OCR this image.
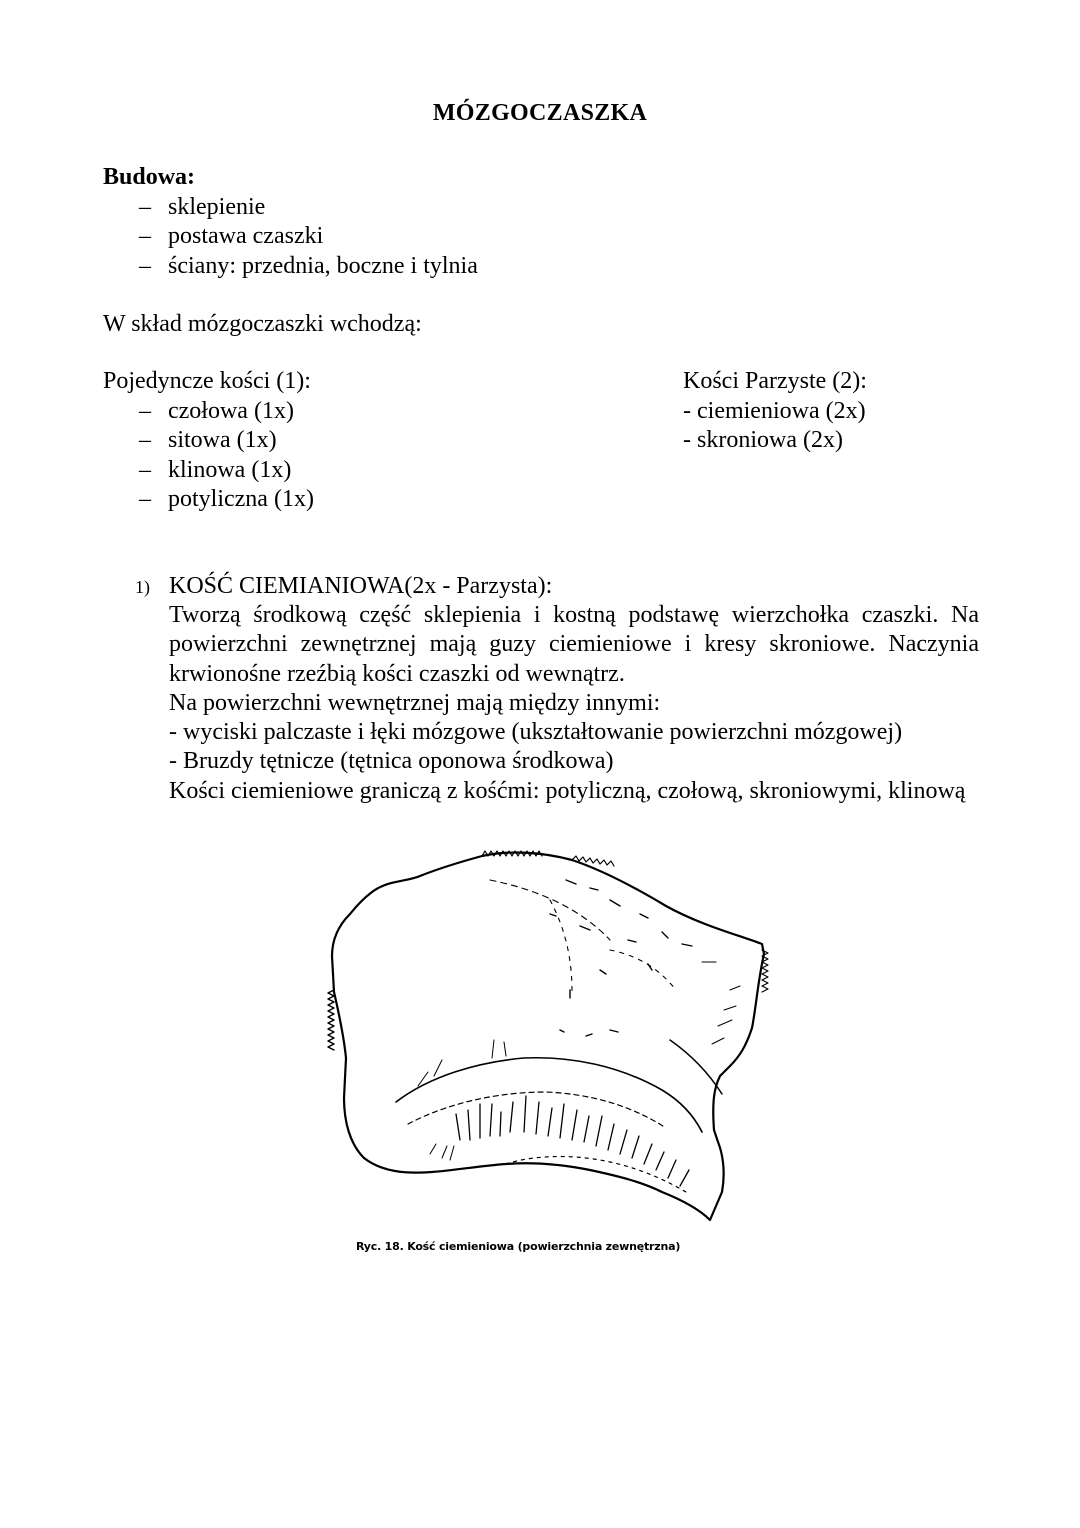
MÓZGOCZASZKA
Budowa:
– sklepienie
– postawa czaszki
– ściany: przednia, boczne i tylnia
W skład mózgoczaszki wchodzą:
Pojedyncze kości (1):
– czołowa (1x)
– sitowa (1x)
– klinowa (1x)
– potyliczna (1x)
Kości Parzyste (2):
- ciemieniowa (2x)
- skroniowa (2x)
1) KOŚĆ CIEMIANIOWA(2x - Parzysta):

Tworzą środkową część sklepienia i kostną podstawę wierzchołka czaszki. Na powierzchni zewnętrznej mają guzy ciemieniowe i kresy skroniowe. Naczynia krwionośne rzeźbią kości czaszki od wewnątrz.

Na powierzchni wewnętrznej mają między innymi:

- wyciski palczaste i łęki mózgowe (ukształtowanie powierzchni mózgowej)

- Bruzdy tętnicze (tętnica oponowa środkowa)

Kości ciemieniowe graniczą z kośćmi: potyliczną, czołową, skroniowymi, klinową

Ryc. 18. Kość ciemieniowa (powierzchnia zewnętrzna)
